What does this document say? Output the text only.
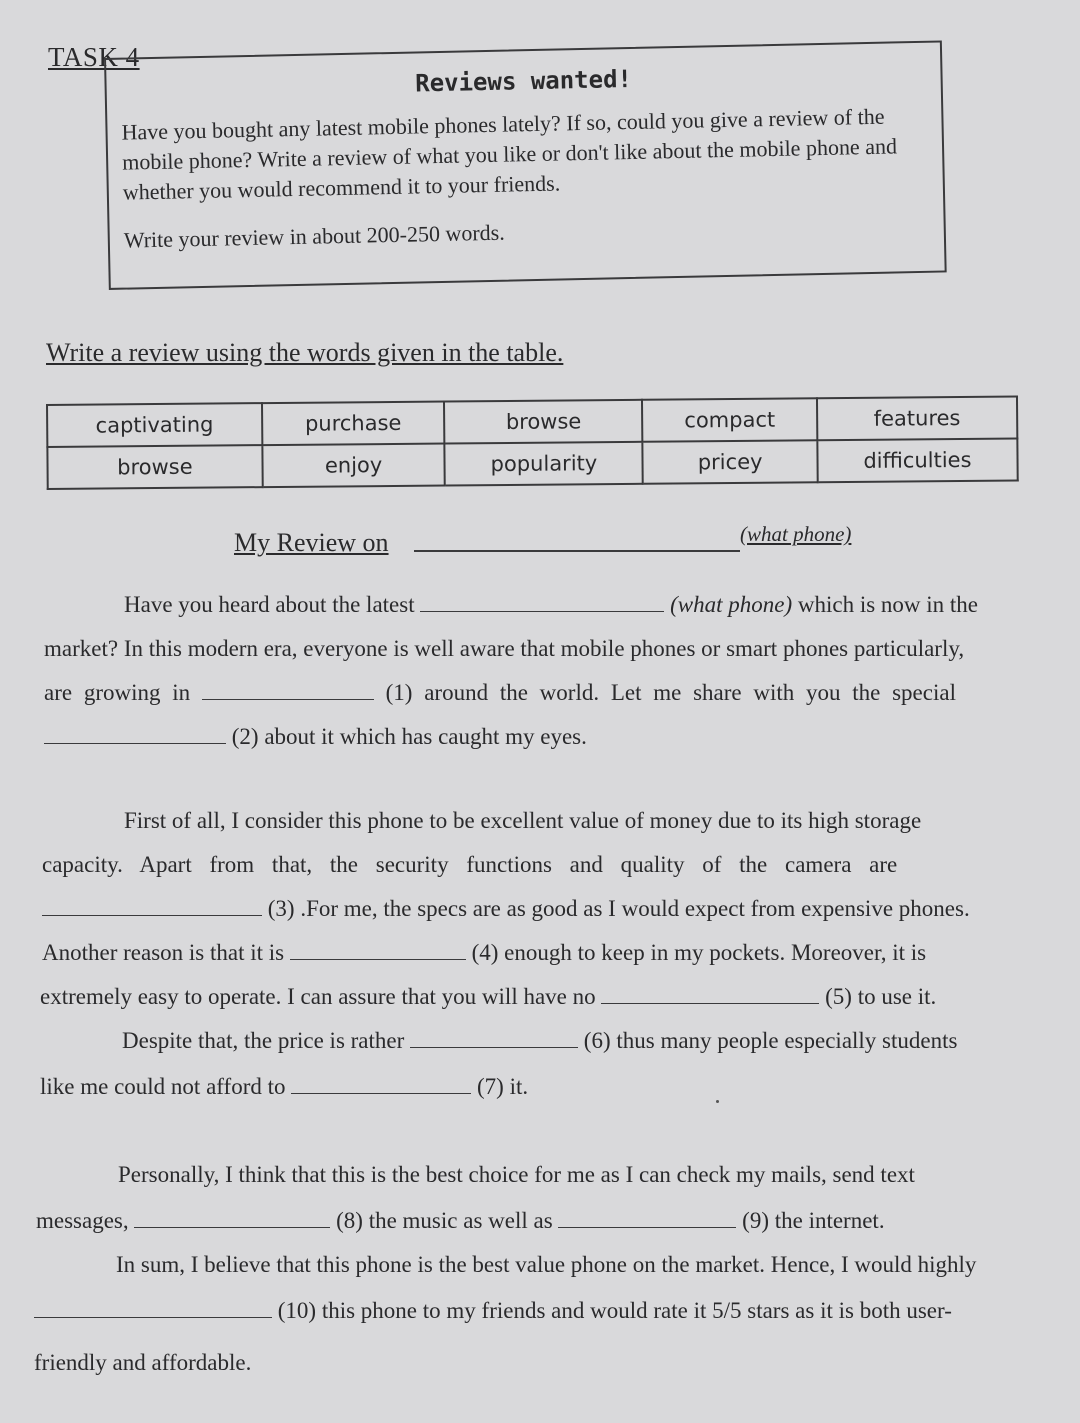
TASK 4
Reviews wanted!
Have you bought any latest mobile phones lately? If so, could you give a review of the mobile phone? Write a review of what you like or don't like about the mobile phone and whether you would recommend it to your friends.
Write your review in about 200-250 words.
Write a review using the words given in the table.
captivating	purchase	browse	compact	features
browse	enjoy	popularity	pricey	difficulties
My Review on	(what phone)
Have you heard about the latest	(what phone) which is now in the
market? In this modern era, everyone is well aware that mobile phones or smart phones particularly,
are growing in	(1) around the world. Let me share with you the special
(2) about it which has caught my eyes.
First of all, I consider this phone to be excellent value of money due to its high storage
capacity. Apart from that, the security functions and quality of the camera are
(3) .For me, the specs are as good as I would expect from expensive phones.
Another reason is that it is	(4) enough to keep in my pockets. Moreover, it is
extremely easy to operate. I can assure that you will have no	(5) to use it.
Despite that, the price is rather	(6) thus many people especially students
like me could not afford to	(7) it.
Personally, I think that this is the best choice for me as I can check my mails, send text
messages,	(8) the music as well as	(9) the internet.
In sum, I believe that this phone is the best value phone on the market. Hence, I would highly
(10) this phone to my friends and would rate it 5/5 stars as it is both user-
friendly and affordable.
